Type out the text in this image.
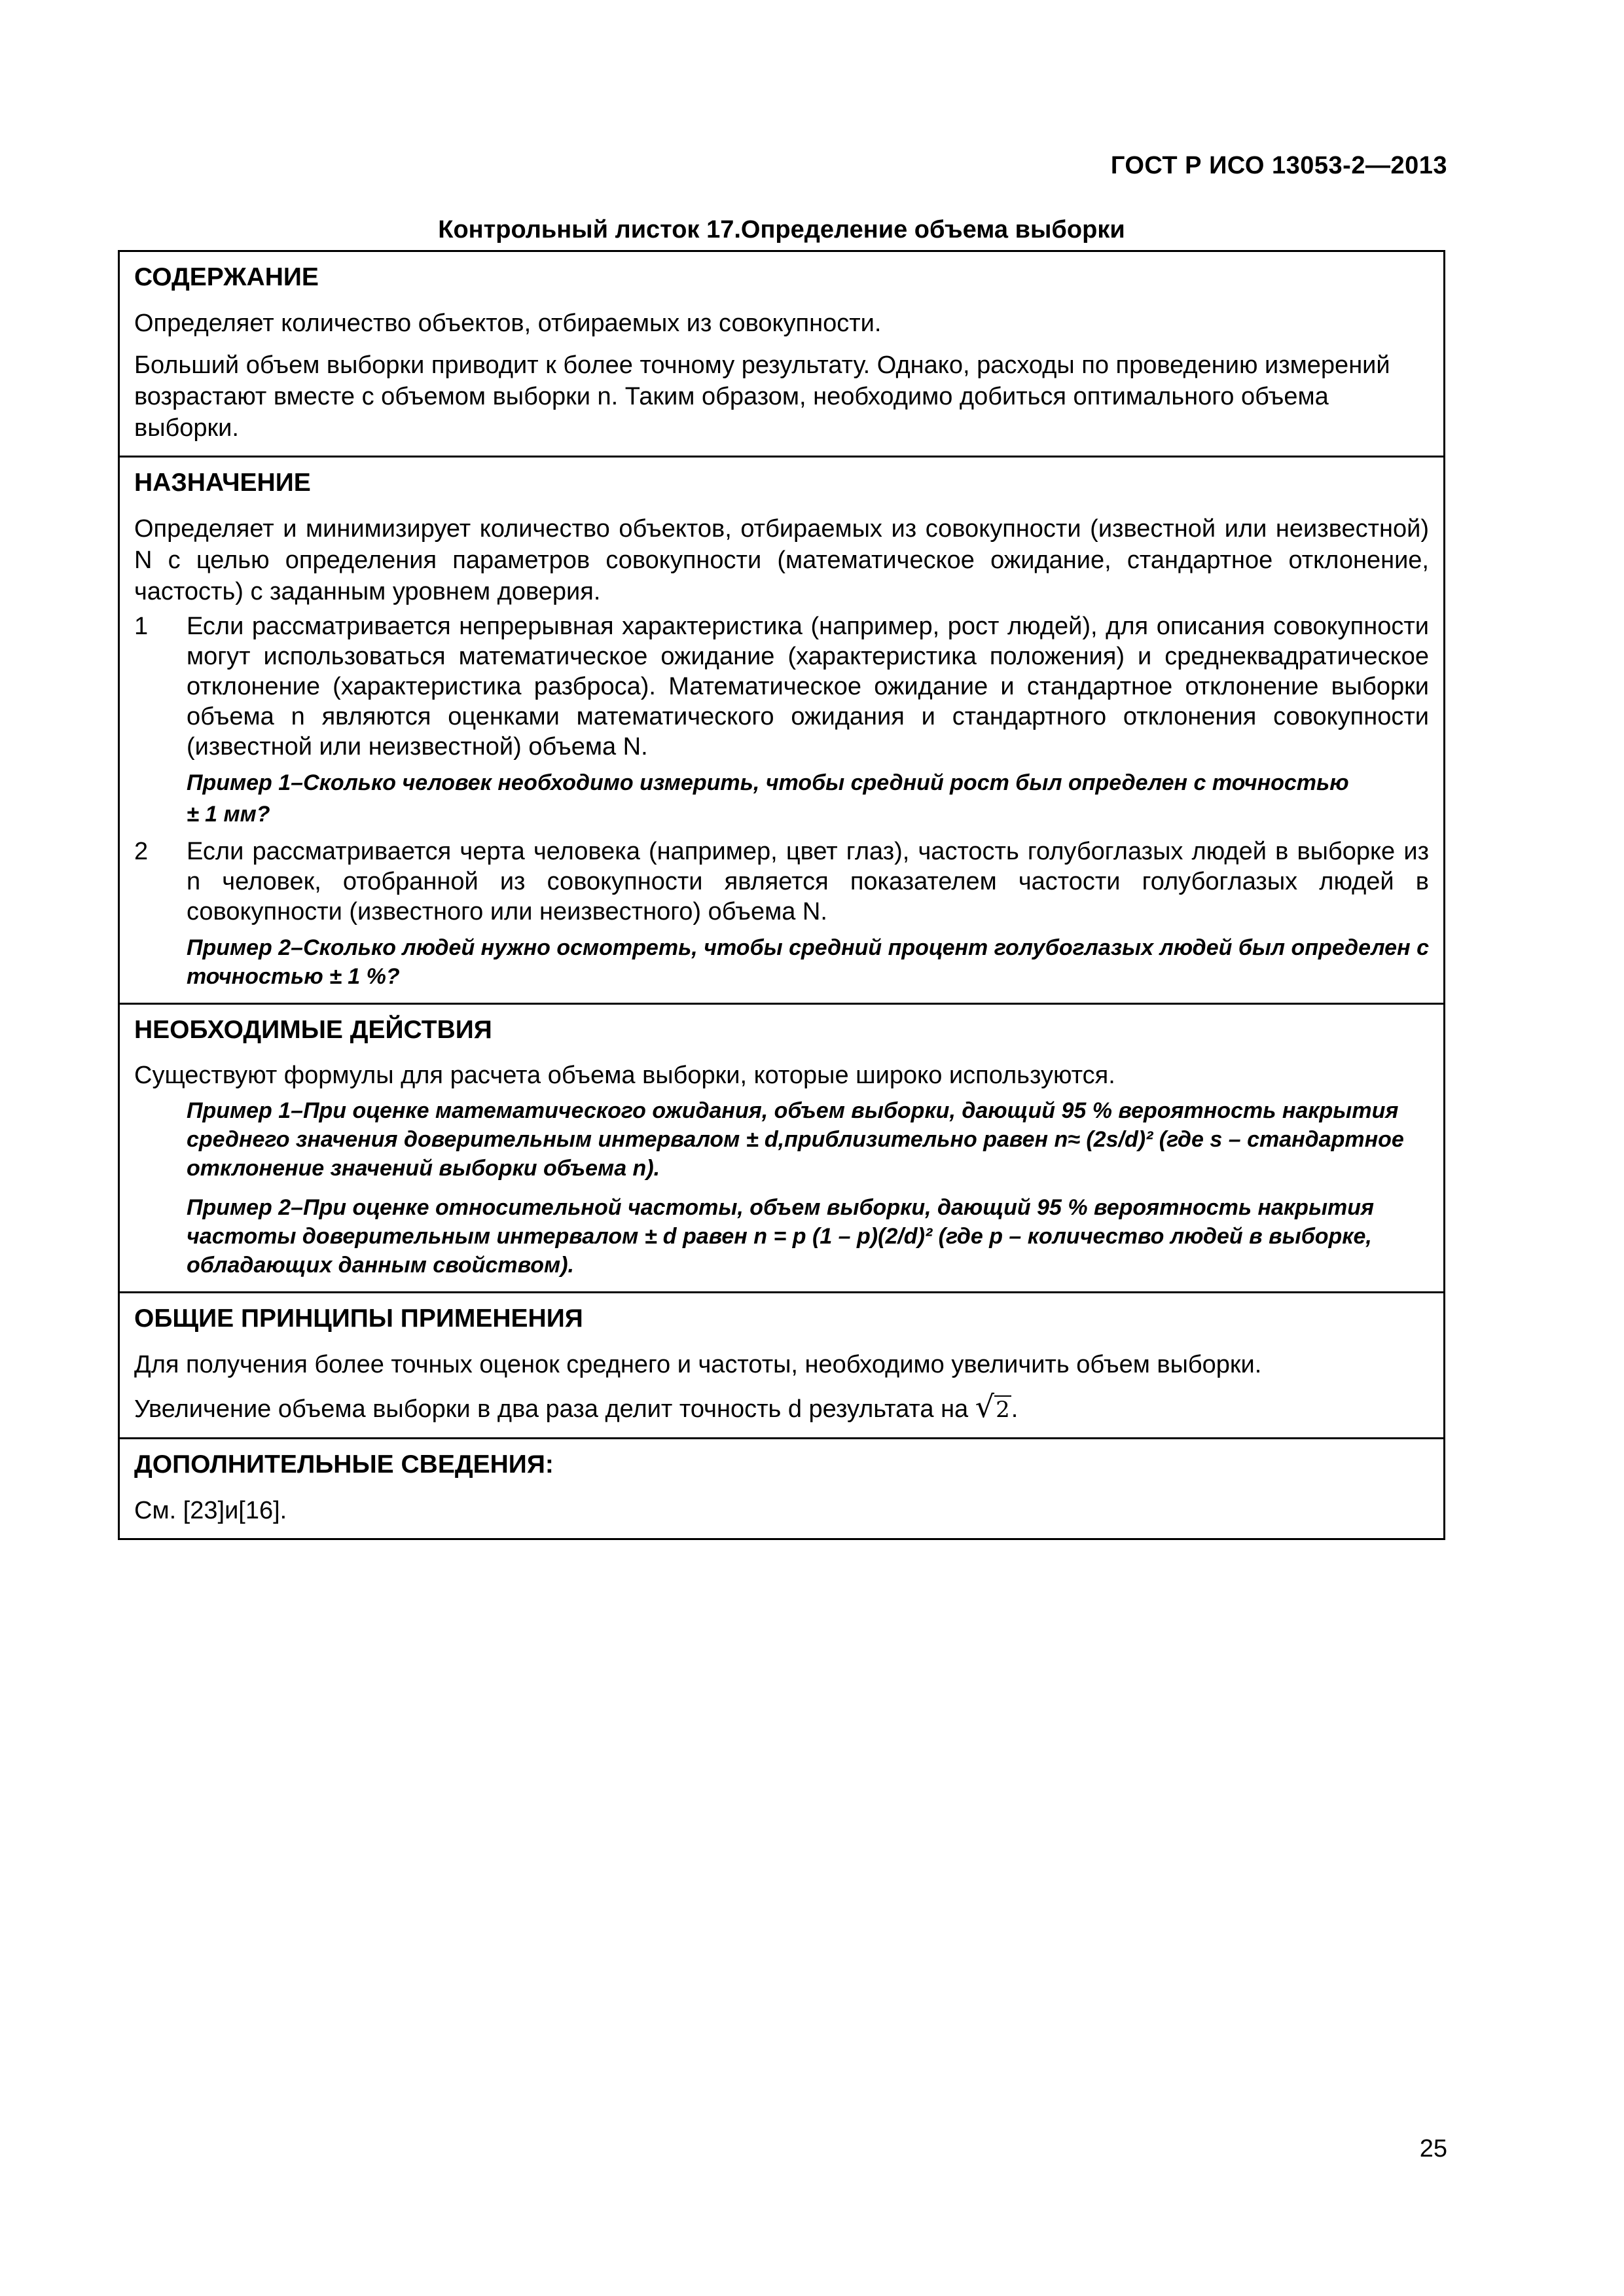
ГОСТ Р ИСО 13053-2—2013
Контрольный листок 17.Определение объема выборки
СОДЕРЖАНИЕ

Определяет количество объектов, отбираемых из совокупности.

Больший объем выборки приводит к более точному результату. Однако, расходы по проведению измерений возрастают вместе с объемом выборки n. Таким образом, необходимо добиться оптимального объема выборки.

НАЗНАЧЕНИЕ

Определяет и минимизирует количество объектов, отбираемых из совокупности (известной или неизвестной) N с целью определения параметров совокупности (математическое ожидание, стандартное отклонение, частость) с заданным уровнем доверия.

1	Если рассматривается непрерывная характеристика (например, рост людей), для описания совокупности могут использоваться математическое ожидание (характеристика положения) и среднеквадратическое отклонение (характеристика разброса). Математическое ожидание и стандартное отклонение выборки объема n являются оценками математического ожидания и стандартного отклонения совокупности (известной или неизвестной) объема N.
Пример 1–Сколько человек необходимо измерить, чтобы средний рост был определен с точностью
± 1 мм?
2	Если рассматривается черта человека (например, цвет глаз), частость голубоглазых людей в выборке из n человек, отобранной из совокупности является показателем частости голубоглазых людей в совокупности (известного или неизвестного) объема N.
Пример 2–Сколько людей нужно осмотреть, чтобы средний процент голубоглазых людей был определен с точностью ± 1 %?
НЕОБХОДИМЫЕ ДЕЙСТВИЯ

Существуют формулы для расчета объема выборки, которые широко используются.

Пример 1–При оценке математического ожидания, объем выборки, дающий 95 % вероятность накрытия среднего значения доверительным интервалом ± d,приблизительно равен n≈ (2s/d)² (где s – стандартное отклонение значений выборки объема n).
Пример 2–При оценке относительной частоты, объем выборки, дающий 95 % вероятность накрытия частоты доверительным интервалом ± d равен n = p (1 – p)(2/d)² (где p – количество людей в выборке, обладающих данным свойством).
ОБЩИЕ ПРИНЦИПЫ ПРИМЕНЕНИЯ

Для получения более точных оценок среднего и частоты, необходимо увеличить объем выборки.

Увеличение объема выборки в два раза делит точность d результата на √2.

ДОПОЛНИТЕЛЬНЫЕ СВЕДЕНИЯ:

См. [23]и[16].

25
